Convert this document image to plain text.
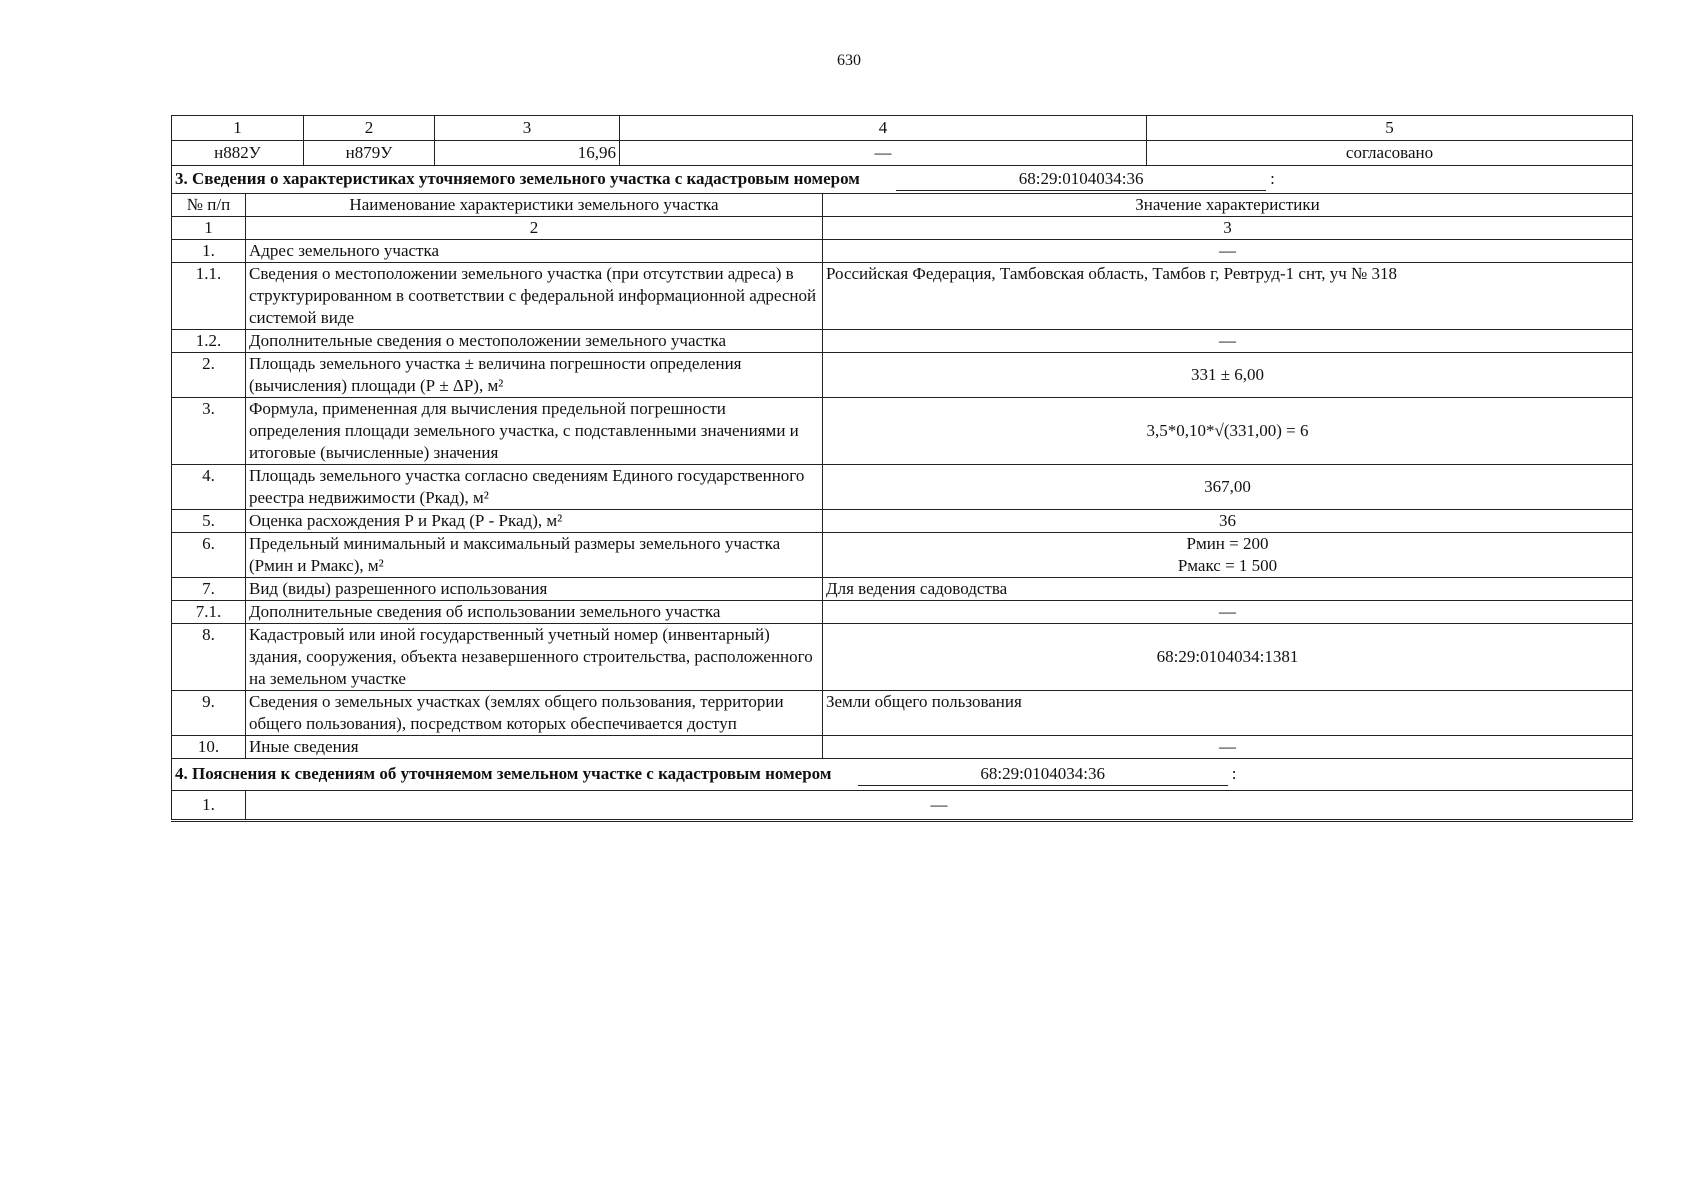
630
1	2	3	4	5
н882У	н879У	16,96	—	согласовано
3. Сведения о характеристиках уточняемого земельного участка с кадастровым номером 68:29:0104034:36 :		
№ п/п	Наименование характеристики земельного участка	Значение характеристики
1	2	3
1.	Адрес земельного участка	—
1.1.	Сведения о местоположении земельного участка (при отсутствии адреса) в структурированном в соответствии с федеральной информационной адресной системой виде	Российская Федерация, Тамбовская область, Тамбов г, Ревтруд-1 снт, уч № 318
1.2.	Дополнительные сведения о местоположении земельного участка	—
2.	Площадь земельного участка ± величина погрешности определения (вычисления) площади (Р ± ΔР), м²	331 ± 6,00
3.	Формула, примененная для вычисления предельной погрешности определения площади земельного участка, с подставленными значениями и итоговые (вычисленные) значения	3,5*0,10*√(331,00) = 6
4.	Площадь земельного участка согласно сведениям Единого государственного реестра недвижимости (Ркад), м²	367,00
5.	Оценка расхождения Р и Ркад (Р - Ркад), м²	36
6.	Предельный минимальный и максимальный размеры земельного участка (Рмин и Рмакс), м²	Рмин = 200
Рмакс = 1 500

7.	Вид (виды) разрешенного использования	Для ведения садоводства
7.1.	Дополнительные сведения об использовании земельного участка	—
8.	Кадастровый или иной государственный учетный номер (инвентарный) здания, сооружения, объекта незавершенного строительства, расположенного на земельном участке	68:29:0104034:1381
9.	Сведения о земельных участках (землях общего пользования, территории общего пользования), посредством которых обеспечивается доступ	Земли общего пользования
10.	Иные сведения	—
4. Пояснения к сведениям об уточняемом земельном участке с кадастровым номером 68:29:0104034:36 :		
1.	—	
